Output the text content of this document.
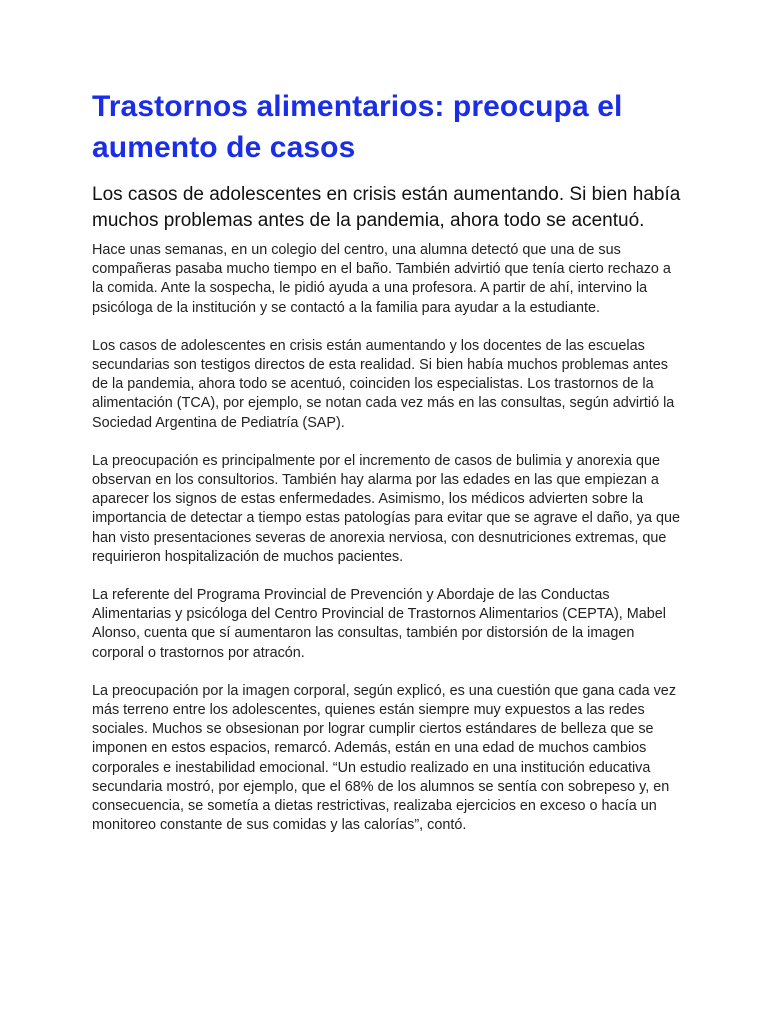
Trastornos alimentarios: preocupa el aumento de casos

Los casos de adolescentes en crisis están aumentando. Si bien había muchos problemas antes de la pandemia, ahora todo se acentuó.

Hace unas semanas, en un colegio del centro, una alumna detectó que una de sus compañeras pasaba mucho tiempo en el baño. También advirtió que tenía cierto rechazo a la comida. Ante la sospecha, le pidió ayuda a una profesora. A partir de ahí, intervino la psicóloga de la institución y se contactó a la familia para ayudar a la estudiante.

Los casos de adolescentes en crisis están aumentando y los docentes de las escuelas secundarias son testigos directos de esta realidad. Si bien había muchos problemas antes de la pandemia, ahora todo se acentuó, coinciden los especialistas. Los trastornos de la alimentación (TCA), por ejemplo, se notan cada vez más en las consultas, según advirtió la Sociedad Argentina de Pediatría (SAP).

La preocupación es principalmente por el incremento de casos de bulimia y anorexia que observan en los consultorios. También hay alarma por las edades en las que empiezan a aparecer los signos de estas enfermedades. Asimismo, los médicos advierten sobre la importancia de detectar a tiempo estas patologías para evitar que se agrave el daño, ya que han visto presentaciones severas de anorexia nerviosa, con desnutriciones extremas, que requirieron hospitalización de muchos pacientes.

La referente del Programa Provincial de Prevención y Abordaje de las Conductas Alimentarias y psicóloga del Centro Provincial de Trastornos Alimentarios (CEPTA), Mabel Alonso, cuenta que sí aumentaron las consultas, también por distorsión de la imagen corporal o trastornos por atracón.

La preocupación por la imagen corporal, según explicó, es una cuestión que gana cada vez más terreno entre los adolescentes, quienes están siempre muy expuestos a las redes sociales. Muchos se obsesionan por lograr cumplir ciertos estándares de belleza que se imponen en estos espacios, remarcó. Además, están en una edad de muchos cambios corporales e inestabilidad emocional. “Un estudio realizado en una institución educativa secundaria mostró, por ejemplo, que el 68% de los alumnos se sentía con sobrepeso y, en consecuencia, se sometía a dietas restrictivas, realizaba ejercicios en exceso o hacía un monitoreo constante de sus comidas y las calorías”, contó.
